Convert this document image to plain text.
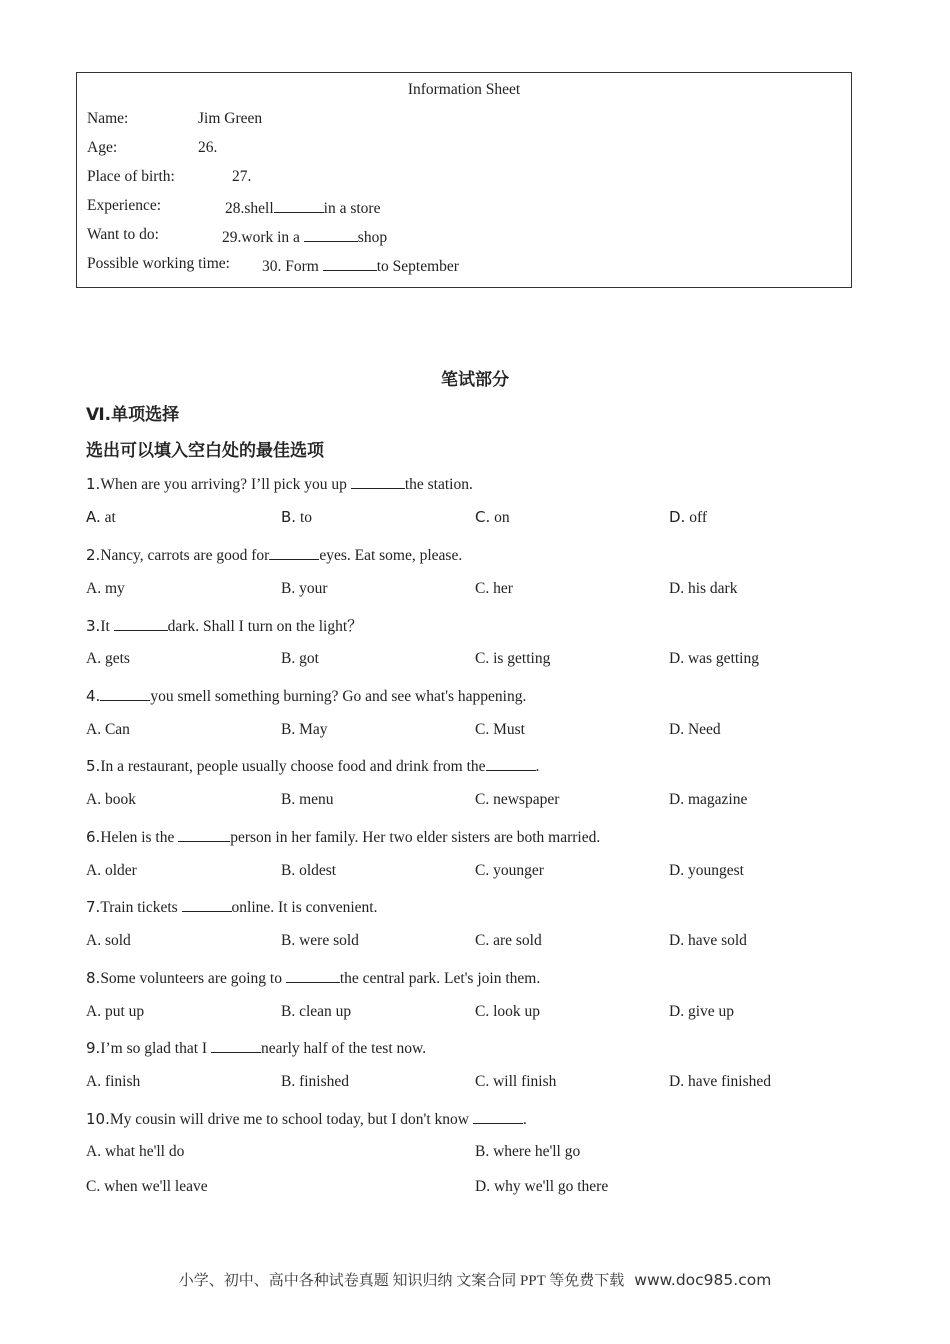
Information Sheet
Name:	Jim Green
Age:	26.
Place of birth:	27.
Experience:	28.shell	in a store
Want to do:	29.work in a	shop
Possible working time: 30. Form	to September
笔试部分
Ⅵ.单项选择
选出可以填入空白处的最佳选项
1.When are you arriving? I’ll pick you up	the station.
A. at	B. to	C. on	D. off
2.Nancy, carrots are good for	eyes. Eat some, please.
A. my	B. your	C. her	D. his dark
3.It	dark. Shall I turn on the light？
A. gets	B. got	C. is getting	D. was getting
4.	you smell something burning? Go and see what's happening.
A. Can	B. May	C. Must	D. Need
5.In a restaurant, people usually choose food and drink from the	.
A. book	B. menu	C. newspaper	D. magazine
6.Helen is the	person in her family. Her two elder sisters are both married.
A. older	B. oldest	C. younger	D. youngest
7.Train tickets	online. It is convenient.
A. sold	B. were sold	C. are sold	D. have sold
8.Some volunteers are going to	the central park. Let's join them.
A. put up	B. clean up	C. look up	D. give up
9.I’m so glad that I	nearly half of the test now.
A. finish	B. finished	C. will finish	D. have finished
10.My cousin will drive me to school today, but I don't know	.
A. what he'll do	B. where he'll go
C. when we'll leave	D. why we'll go there
小学、初中、高中各种试卷真题 知识归纳 文案合同 PPT 等免费下载 www.doc985.com
